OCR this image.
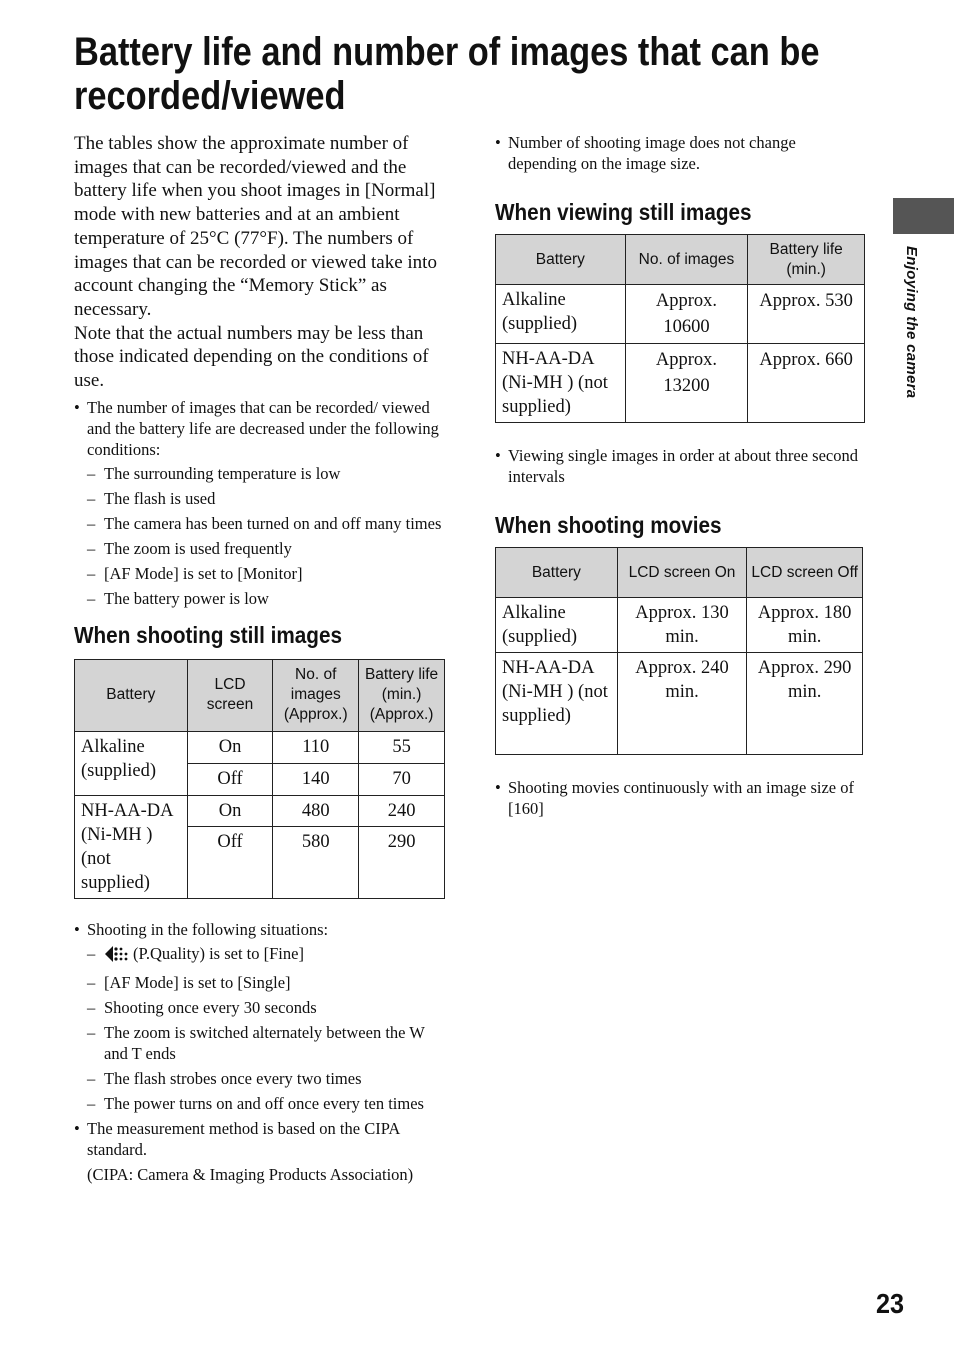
Battery life and number of images that can be
recorded/viewed
Enjoying the camera

The tables show the approximate number of images that can be recorded/viewed and the battery life when you shoot images in [Normal] mode with new batteries and at an ambient temperature of 25°C (77°F). The numbers of images that can be recorded or viewed take into account changing the “Memory Stick” as necessary.

Note that the actual numbers may be less than those indicated depending on the conditions of use.

• The number of images that can be recorded/ viewed and the battery life are decreased under the following conditions:
– The surrounding temperature is low
– The flash is used
– The camera has been turned on and off many times
– The zoom is used frequently
– [AF Mode] is set to [Monitor]
– The battery power is low
When shooting still images
Battery	LCD screen	No. of images (Approx.)	Battery life (min.) (Approx.)
Alkaline (supplied)	On	110	55
	Off	140	70
NH-AA-DA (Ni-MH ) (not supplied)	On	480	240
	Off	580	290
• Shooting in the following situations:
– (P.Quality) is set to [Fine]
– [AF Mode] is set to [Single]
– Shooting once every 30 seconds
– The zoom is switched alternately between the W and T ends
– The flash strobes once every two times
– The power turns on and off once every ten times
• The measurement method is based on the CIPA standard.

(CIPA: Camera & Imaging Products Association)

• Number of shooting image does not change depending on the image size.
When viewing still images
Battery	No. of images	Battery life (min.)
Alkaline (supplied)	Approx. 10600	Approx. 530
NH-AA-DA (Ni-MH ) (not supplied)	Approx. 13200	Approx. 660
• Viewing single images in order at about three second intervals
When shooting movies
Battery	LCD screen On	LCD screen Off
Alkaline (supplied)	Approx. 130 min.	Approx. 180 min.
NH-AA-DA (Ni-MH ) (not supplied)	Approx. 240 min.	Approx. 290 min.
• Shooting movies continuously with an image size of [160]
23
